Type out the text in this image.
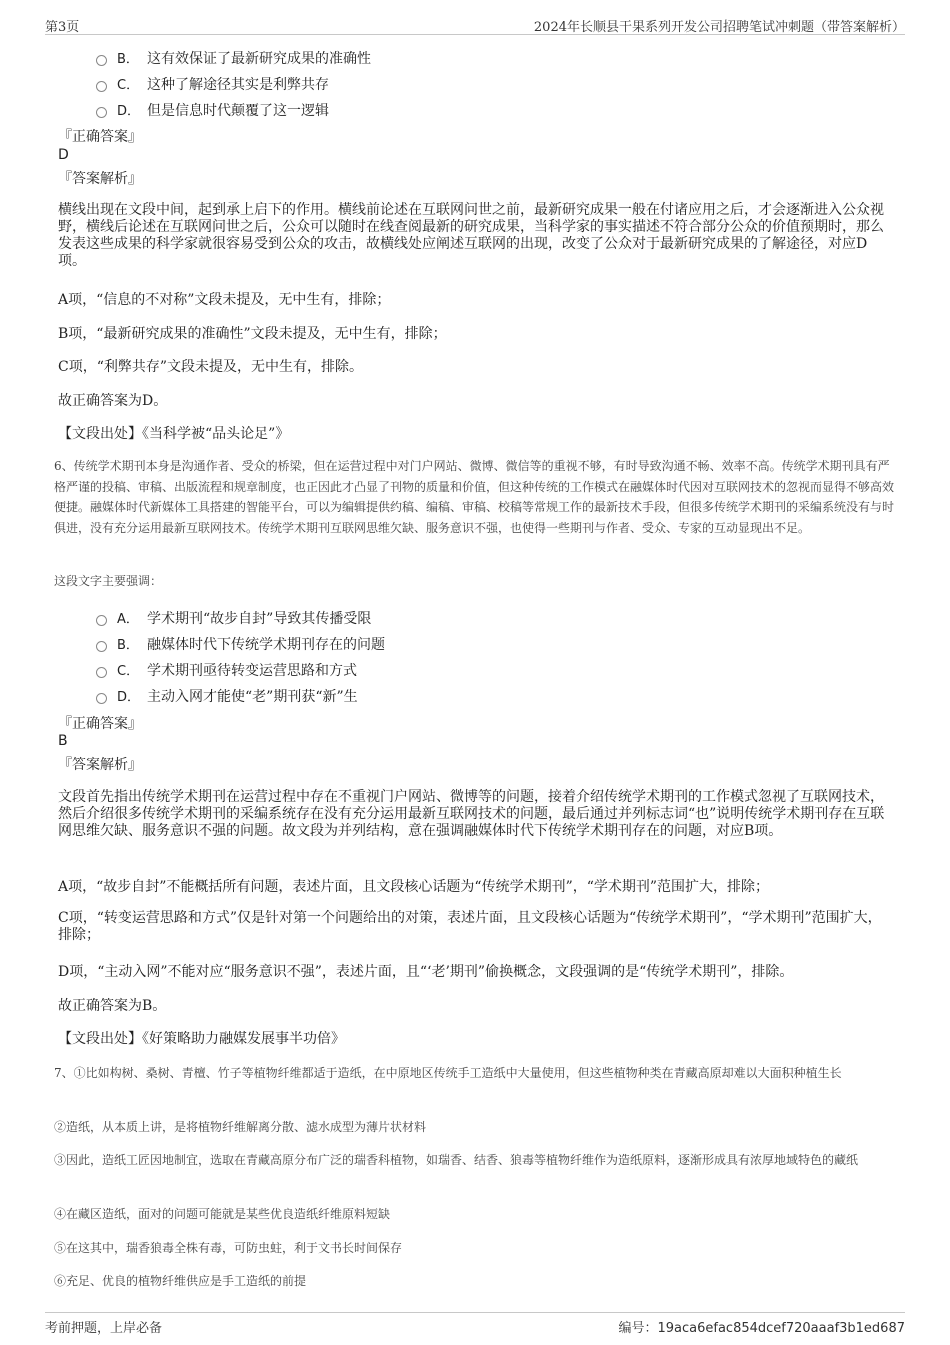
第3页	2024年长顺县干果系列开发公司招聘笔试冲刺题（带答案解析）
B． 这有效保证了最新研究成果的准确性
C． 这种了解途径其实是利弊共存
D． 但是信息时代颠覆了这一逻辑
『正确答案』
D
『答案解析』
横线出现在文段中间，起到承上启下的作用。横线前论述在互联网问世之前，最新研究成果一般在付诸应用之后，才会逐渐进入公众视野，横线后论述在互联网问世之后，公众可以随时在线查阅最新的研究成果，当科学家的事实描述不符合部分公众的价值预期时，那么发表这些成果的科学家就很容易受到公众的攻击，故横线处应阐述互联网的出现，改变了公众对于最新研究成果的了解途径，对应D项。
A项，“信息的不对称”文段未提及，无中生有，排除；
B项，“最新研究成果的准确性”文段未提及，无中生有，排除；
C项，“利弊共存”文段未提及，无中生有，排除。
故正确答案为D。
【文段出处】《当科学被“品头论足”》
6、传统学术期刊本身是沟通作者、受众的桥梁，但在运营过程中对门户网站、微博、微信等的重视不够，有时导致沟通不畅、效率不高。传统学术期刊具有严格严谨的投稿、审稿、出版流程和规章制度，也正因此才凸显了刊物的质量和价值，但这种传统的工作模式在融媒体时代因对互联网技术的忽视而显得不够高效便捷。融媒体时代新媒体工具搭建的智能平台，可以为编辑提供约稿、编稿、审稿、校稿等常规工作的最新技术手段，但很多传统学术期刊的采编系统没有与时俱进，没有充分运用最新互联网技术。传统学术期刊互联网思维欠缺、服务意识不强，也使得一些期刊与作者、受众、专家的互动显现出不足。
这段文字主要强调：
A． 学术期刊“故步自封”导致其传播受限
B． 融媒体时代下传统学术期刊存在的问题
C． 学术期刊亟待转变运营思路和方式
D． 主动入网才能使“老”期刊获“新”生
『正确答案』
B
『答案解析』
文段首先指出传统学术期刊在运营过程中存在不重视门户网站、微博等的问题，接着介绍传统学术期刊的工作模式忽视了互联网技术，然后介绍很多传统学术期刊的采编系统存在没有充分运用最新互联网技术的问题，最后通过并列标志词“也”说明传统学术期刊存在互联网思维欠缺、服务意识不强的问题。故文段为并列结构，意在强调融媒体时代下传统学术期刊存在的问题，对应B项。
A项，“故步自封”不能概括所有问题，表述片面，且文段核心话题为“传统学术期刊”，“学术期刊”范围扩大，排除；
C项，“转变运营思路和方式”仅是针对第一个问题给出的对策，表述片面，且文段核心话题为“传统学术期刊”，“学术期刊”范围扩大，排除；
D项，“主动入网”不能对应“服务意识不强”，表述片面，且“‘老’期刊”偷换概念，文段强调的是“传统学术期刊”，排除。
故正确答案为B。
【文段出处】《好策略助力融媒发展事半功倍》
7、①比如构树、桑树、青檀、竹子等植物纤维都适于造纸，在中原地区传统手工造纸中大量使用，但这些植物种类在青藏高原却难以大面积种植生长
②造纸，从本质上讲，是将植物纤维解离分散、滤水成型为薄片状材料
③因此，造纸工匠因地制宜，选取在青藏高原分布广泛的瑞香科植物，如瑞香、结香、狼毒等植物纤维作为造纸原料，逐渐形成具有浓厚地域特色的藏纸
④在藏区造纸，面对的问题可能就是某些优良造纸纤维原料短缺
⑤在这其中，瑞香狼毒全株有毒，可防虫蛀，利于文书长时间保存
⑥充足、优良的植物纤维供应是手工造纸的前提
考前押题，上岸必备	编号：19aca6efac854dcef720aaaf3b1ed687
